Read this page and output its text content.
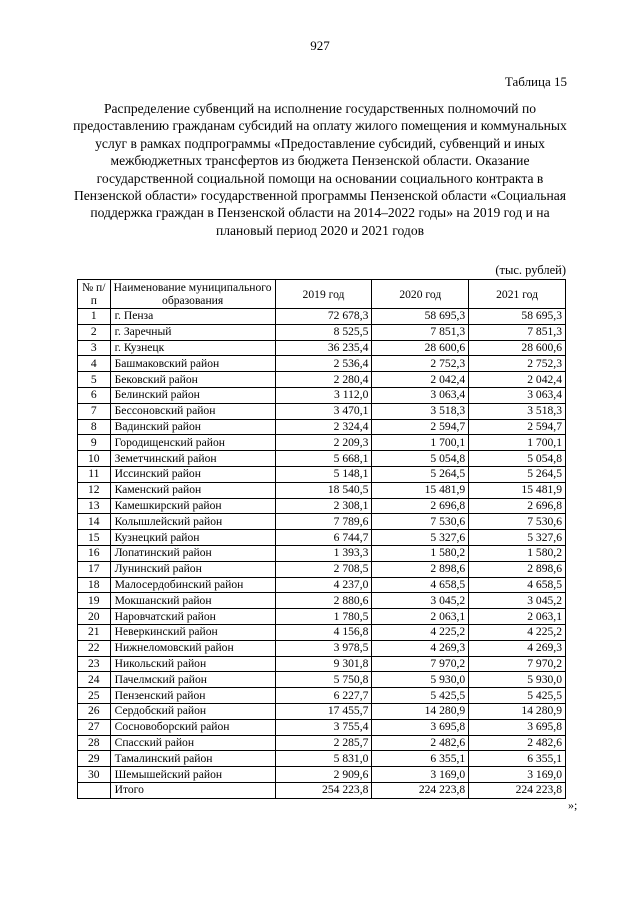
927
Таблица 15
Распределение субвенций на исполнение государственных полномочий по предоставлению гражданам субсидий на оплату жилого помещения и коммунальных услуг в рамках подпрограммы «Предоставление субсидий, субвенций и иных межбюджетных трансфертов из бюджета Пензенской области. Оказание государственной социальной помощи на основании социального контракта в Пензенской области» государственной программы Пензенской области «Социальная поддержка граждан в Пензенской области на 2014–2022 годы» на 2019 год и на плановый период 2020 и 2021 годов
(тыс. рублей)
№ п/п	Наименование муниципального образования	2019 год	2020 год	2021 год
1	г. Пенза	72 678,3	58 695,3	58 695,3
2	г. Заречный	8 525,5	7 851,3	7 851,3
3	г. Кузнецк	36 235,4	28 600,6	28 600,6
4	Башмаковский район	2 536,4	2 752,3	2 752,3
5	Бековский район	2 280,4	2 042,4	2 042,4
6	Белинский район	3 112,0	3 063,4	3 063,4
7	Бессоновский район	3 470,1	3 518,3	3 518,3
8	Вадинский район	2 324,4	2 594,7	2 594,7
9	Городищенский район	2 209,3	1 700,1	1 700,1
10	Земетчинский район	5 668,1	5 054,8	5 054,8
11	Иссинский район	5 148,1	5 264,5	5 264,5
12	Каменский район	18 540,5	15 481,9	15 481,9
13	Камешкирский район	2 308,1	2 696,8	2 696,8
14	Колышлейский район	7 789,6	7 530,6	7 530,6
15	Кузнецкий район	6 744,7	5 327,6	5 327,6
16	Лопатинский район	1 393,3	1 580,2	1 580,2
17	Лунинский район	2 708,5	2 898,6	2 898,6
18	Малосердобинский район	4 237,0	4 658,5	4 658,5
19	Мокшанский район	2 880,6	3 045,2	3 045,2
20	Наровчатский район	1 780,5	2 063,1	2 063,1
21	Неверкинский район	4 156,8	4 225,2	4 225,2
22	Нижнеломовский район	3 978,5	4 269,3	4 269,3
23	Никольский район	9 301,8	7 970,2	7 970,2
24	Пачелмский район	5 750,8	5 930,0	5 930,0
25	Пензенский район	6 227,7	5 425,5	5 425,5
26	Сердобский район	17 455,7	14 280,9	14 280,9
27	Сосновоборский район	3 755,4	3 695,8	3 695,8
28	Спасский район	2 285,7	2 482,6	2 482,6
29	Тамалинский район	5 831,0	6 355,1	6 355,1
30	Шемышейский район	2 909,6	3 169,0	3 169,0
	Итого	254 223,8	224 223,8	224 223,8
»;
